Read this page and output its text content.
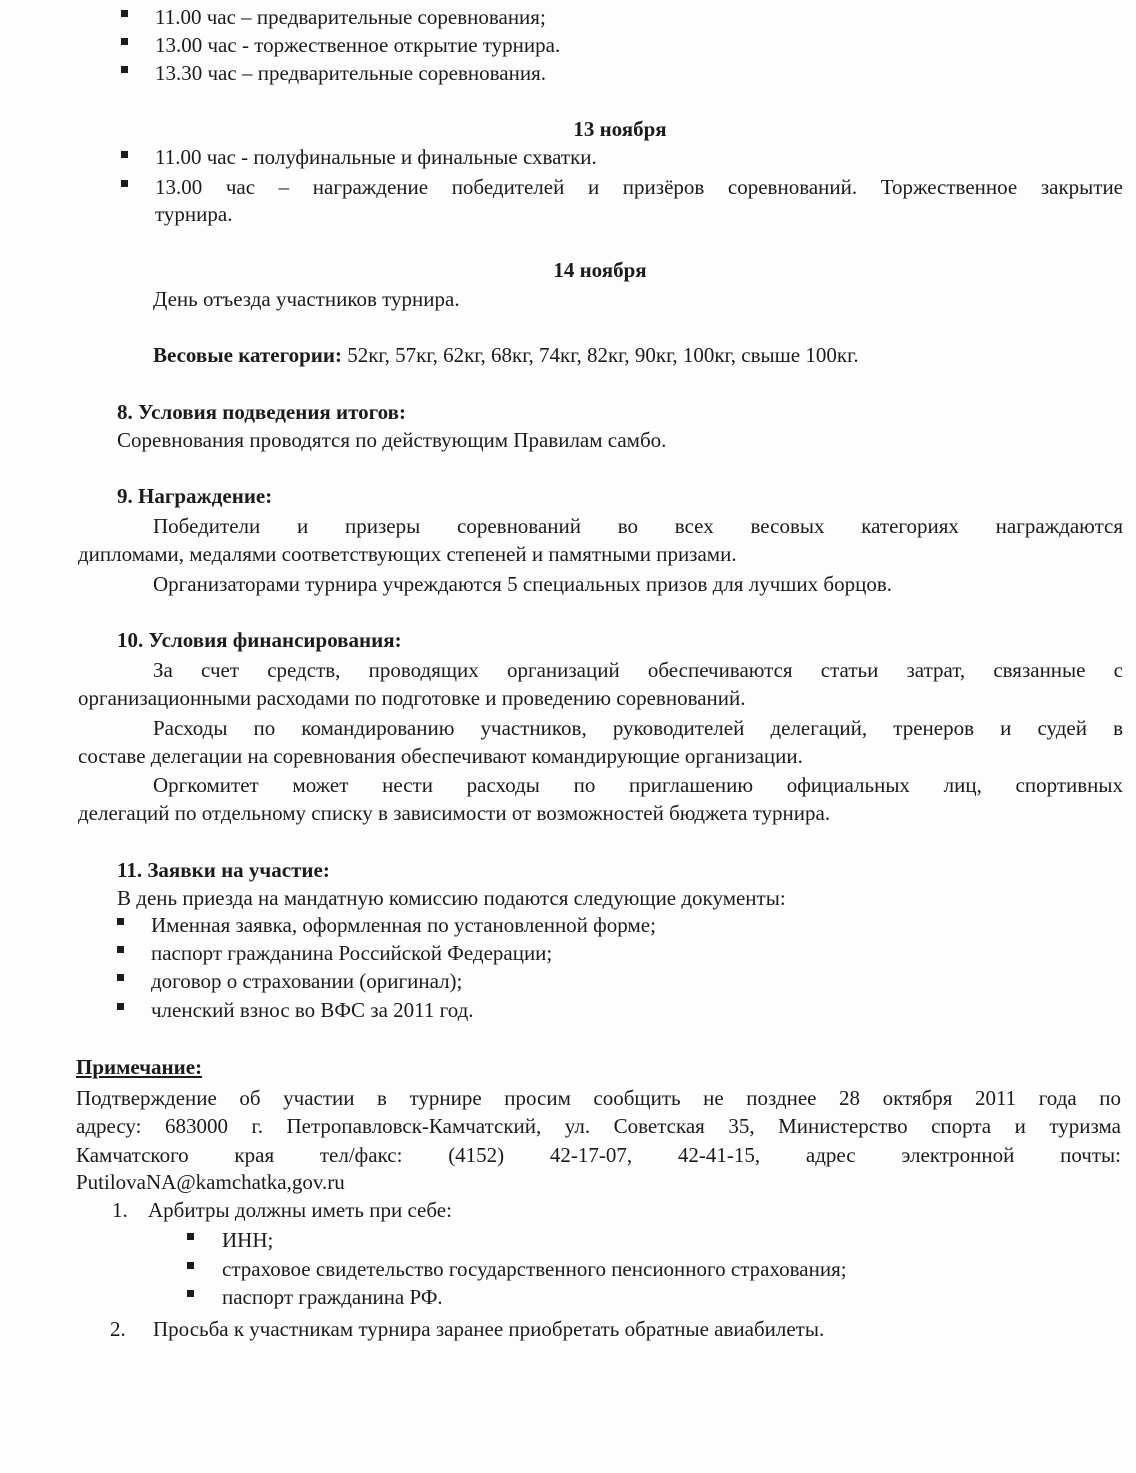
11.00 час – предварительные соревнования;
13.00 час - торжественное открытие турнира.
13.30 час – предварительные соревнования.
13 ноября
11.00 час - полуфинальные и финальные схватки.
13.00 час – награждение победителей и призёров соревнований. Торжественное закрытие
турнира.
14 ноября
День отъезда участников турнира.
Весовые категории: 52кг, 57кг, 62кг, 68кг, 74кг, 82кг, 90кг, 100кг, свыше 100кг.
8. Условия подведения итогов:
Соревнования проводятся по действующим Правилам самбо.
9. Награждение:
Победители и призеры соревнований во всех весовых категориях награждаются
дипломами, медалями соответствующих степеней и памятными призами.
Организаторами турнира учреждаются 5 специальных призов для лучших борцов.
10. Условия финансирования:
За счет средств, проводящих организаций обеспечиваются статьи затрат, связанные с
организационными расходами по подготовке и проведению соревнований.
Расходы по командированию участников, руководителей делегаций, тренеров и судей в
составе делегации на соревнования обеспечивают командирующие организации.
Оргкомитет может нести расходы по приглашению официальных лиц, спортивных
делегаций по отдельному списку в зависимости от возможностей бюджета турнира.
11. Заявки на участие:
В день приезда на мандатную комиссию подаются следующие документы:
Именная заявка, оформленная по установленной форме;
паспорт гражданина Российской Федерации;
договор о страховании (оригинал);
членский взнос во ВФС за 2011 год.
Примечание:
Подтверждение об участии в турнире просим сообщить не позднее 28 октября 2011 года по
адресу: 683000 г. Петропавловск-Камчатский, ул. Советская 35, Министерство спорта и туризма
Камчатского края тел/факс: (4152) 42-17-07, 42-41-15, адрес электронной почты:
PutilovaNA@kamchatka,gov.ru
1. Арбитры должны иметь при себе:
ИНН;
страховое свидетельство государственного пенсионного страхования;
паспорт гражданина РФ.
2. Просьба к участникам турнира заранее приобретать обратные авиабилеты.
